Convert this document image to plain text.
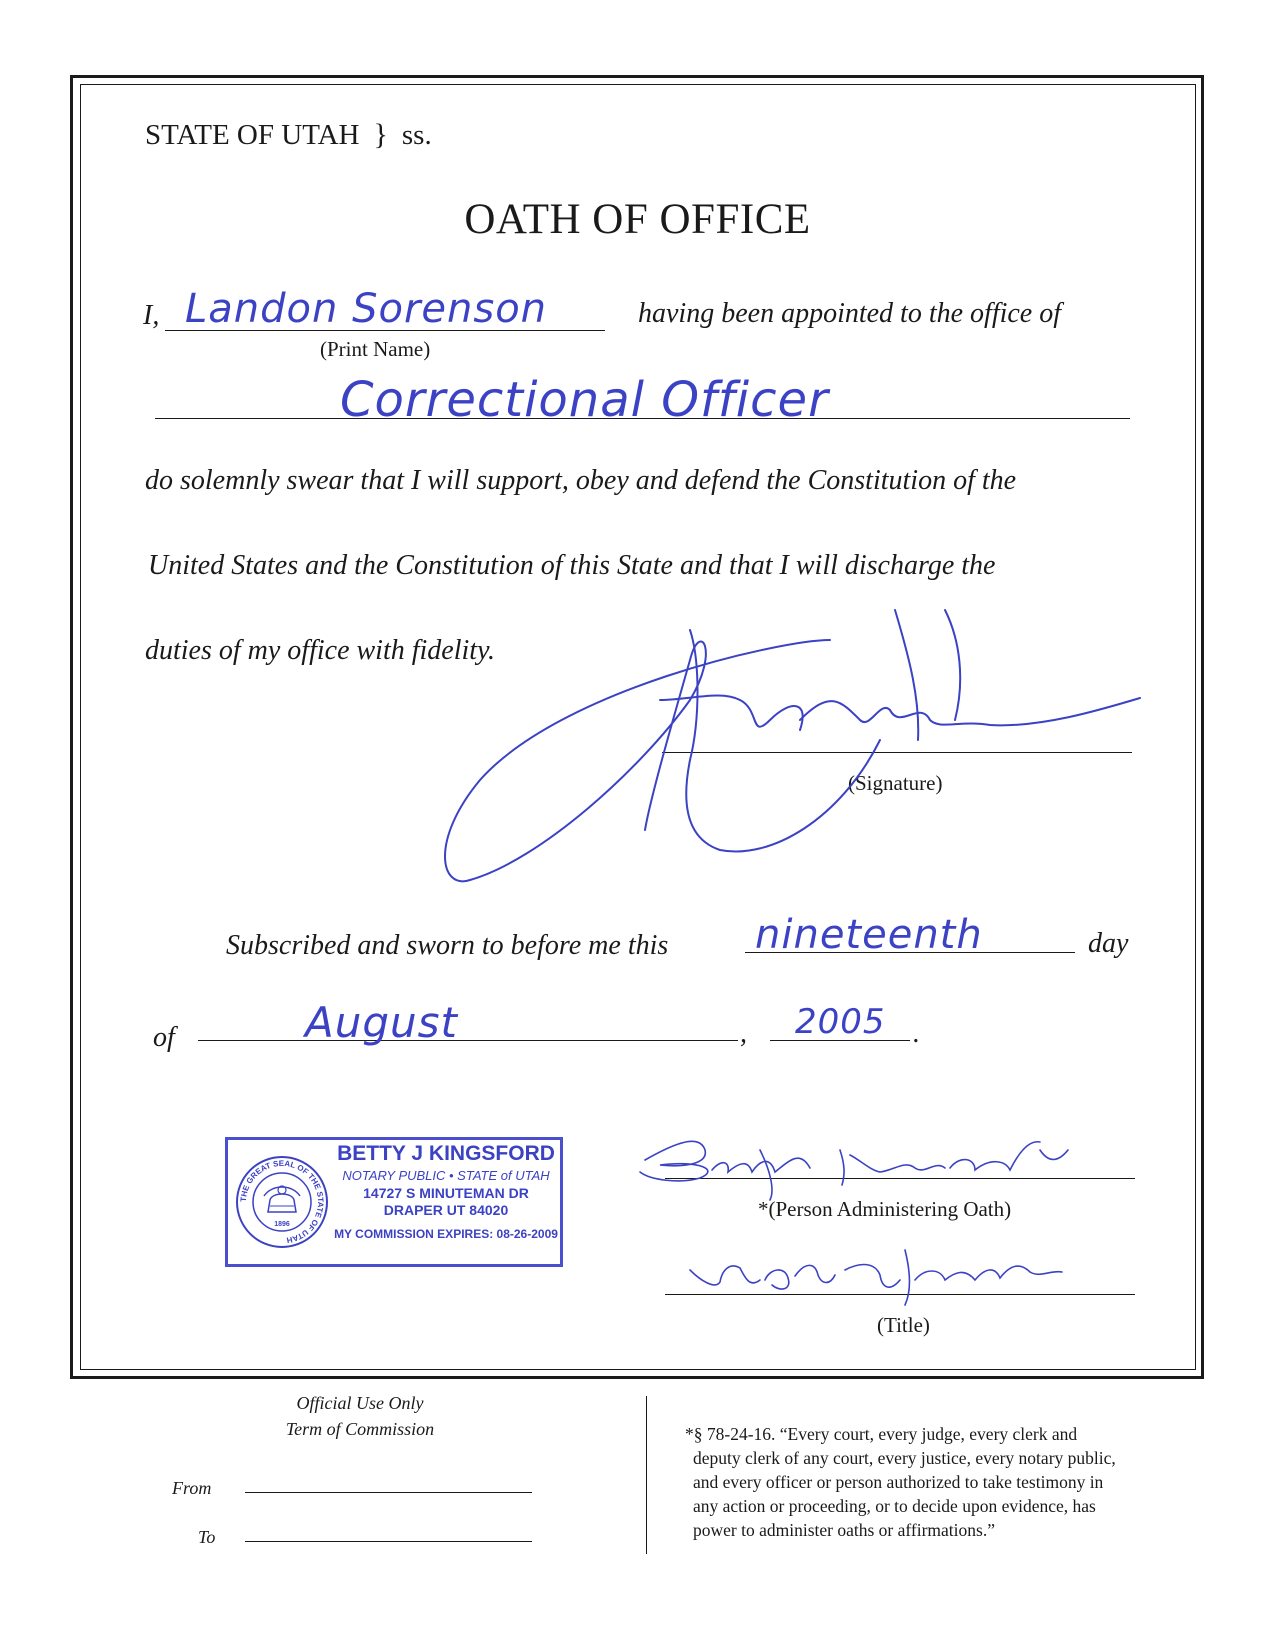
STATE OF UTAH } ss.
OATH OF OFFICE
I, Landon Sorenson	having been appointed to the office of
(Print Name)
Correctional Officer
do solemnly swear that I will support, obey and defend the Constitution of the
United States and the Constitution of this State and that I will discharge the
duties of my office with fidelity.
(Signature)
Subscribed and sworn to before me this nineteenth	day
of	August	, 2005 .
THE GREAT SEAL OF THE STATE OF UTAH
1896
BETTY J KINGSFORD
NOTARY PUBLIC • STATE of UTAH
14727 S MINUTEMAN DR
DRAPER UT 84020
MY COMMISSION EXPIRES: 08-26-2009
*(Person Administering Oath)
(Title)
Official Use Only
Term of Commission
From
To
*§ 78-24-16. “Every court, every judge, every clerk and
deputy clerk of any court, every justice, every notary public,
and every officer or person authorized to take testimony in
any action or proceeding, or to decide upon evidence, has
power to administer oaths or affirmations.”
